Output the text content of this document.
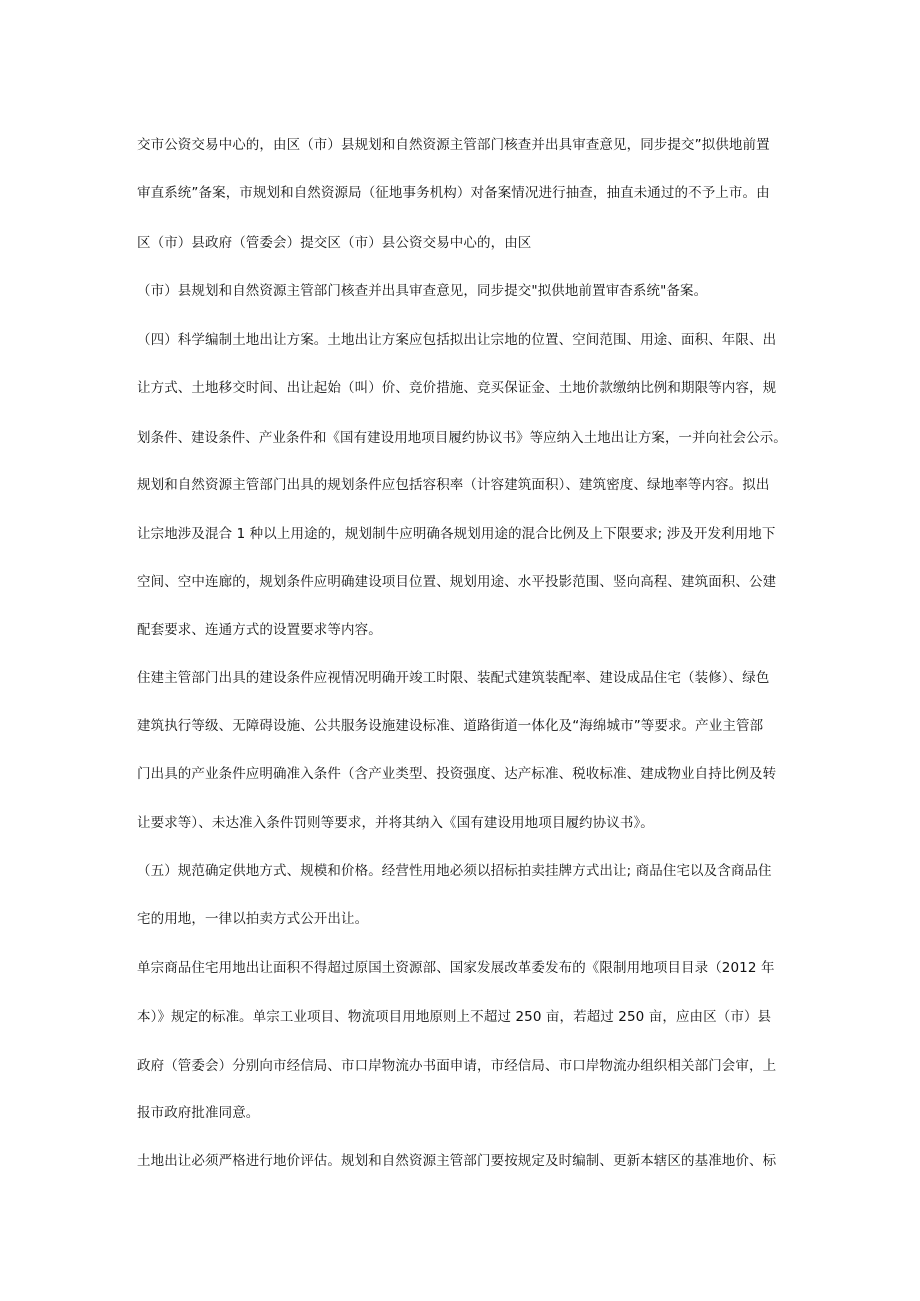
交市公资交易中心的，由区（市）县规划和自然资源主管部门核查并出具审查意见，同步提交”拟供地前置
审直系统”备案，市规划和自然资源局（征地事务机构）对备案情况进行抽查，抽直未通过的不予上市。由
区（市）县政府（管委会）提交区（市）县公资交易中心的，由区
（市）县规划和自然资源主管部门核查并出具审查意见，同步提交"拟供地前置审杳系统"备案。
（四）科学编制土地出让方案。土地出让方案应包括拟出让宗地的位置、空间范围、用途、面积、年限、出
让方式、土地移交时间、出让起始（叫）价、竞价措施、竞买保证金、土地价款缴纳比例和期限等内容，规
划条件、建设条件、产业条件和《国有建设用地项目履约协议书》等应纳入土地出让方案，一并向社会公示。
规划和自然资源主管部门出具的规划条件应包括容积率（计容建筑面积）、建筑密度、绿地率等内容。拟出
让宗地涉及混合 1 种以上用途的，规划制牛应明确各规划用途的混合比例及上下限要求; 涉及开发利用地下
空间、空中连廊的，规划条件应明确建设项目位置、规划用途、水平投影范围、竖向高程、建筑面积、公建
配套要求、连通方式的设置要求等内容。
住建主管部门出具的建设条件应视情况明确开竣工时限、装配式建筑装配率、建设成品住宅（装修）、绿色
建筑执行等级、无障碍设施、公共服务设施建设标准、道路街道一体化及“海绵城市”等要求。产业主管部
门出具的产业条件应明确准入条件（含产业类型、投资强度、达产标准、税收标准、建成物业自持比例及转
让要求等）、未达准入条件罚则等要求，并将其纳入《国有建设用地项目履约协议书》。
（五）规范确定供地方式、规模和价格。经营性用地必须以招标拍卖挂牌方式出让; 商品住宅以及含商品住
宅的用地，一律以拍卖方式公开出让。
单宗商品住宅用地出让面积不得超过原国土资源部、国家发展改革委发布的《限制用地项目目录（2012 年
本）》规定的标准。单宗工业项目、物流项目用地原则上不超过 250 亩，若超过 250 亩，应由区（市）县
政府（管委会）分别向市经信局、市口岸物流办书面申请，市经信局、市口岸物流办组织相关部门会审，上
报市政府批准同意。
土地出让必须严格进行地价评估。规划和自然资源主管部门要按规定及时编制、更新本辖区的基准地价、标
